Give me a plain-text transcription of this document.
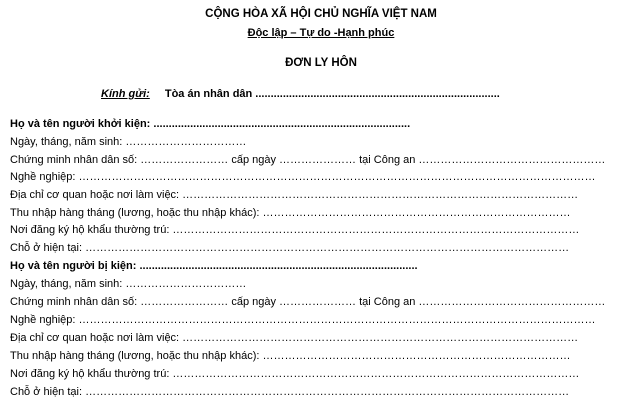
CỘNG HÒA XÃ HỘI CHỦ NGHĨA VIỆT NAM
Độc lập – Tự do -Hạnh phúc
ĐƠN LY HÔN
Kính gửi: Tòa án nhân dân ................................................................................
Họ và tên người khởi kiện: ....................................................................................
Ngày, tháng, năm sinh: ……………………………
Chứng minh nhân dân số: …………………… cấp ngày ………………… tại Công an ……………………………………………
Nghề nghiệp: ……………………………………………………………………………………………………………………………
Địa chỉ cơ quan hoặc nơi làm việc: ………………………………………………………………………………………………
Thu nhập hàng tháng (lương, hoặc thu nhập khác): …………………………………………………………………………
Nơi đăng ký hộ khẩu thường trú: …………………………………………………………………………………………………
Chỗ ở hiện tại: ……………………………………………………………………………………………………………………
Họ và tên người bị kiện: ...........................................................................................
Ngày, tháng, năm sinh: ……………………………
Chứng minh nhân dân số: …………………… cấp ngày ………………… tại Công an ……………………………………………
Nghề nghiệp: ……………………………………………………………………………………………………………………………
Địa chỉ cơ quan hoặc nơi làm việc: ………………………………………………………………………………………………
Thu nhập hàng tháng (lương, hoặc thu nhập khác): …………………………………………………………………………
Nơi đăng ký hộ khẩu thường trú: …………………………………………………………………………………………………
Chỗ ở hiện tại: ……………………………………………………………………………………………………………………
